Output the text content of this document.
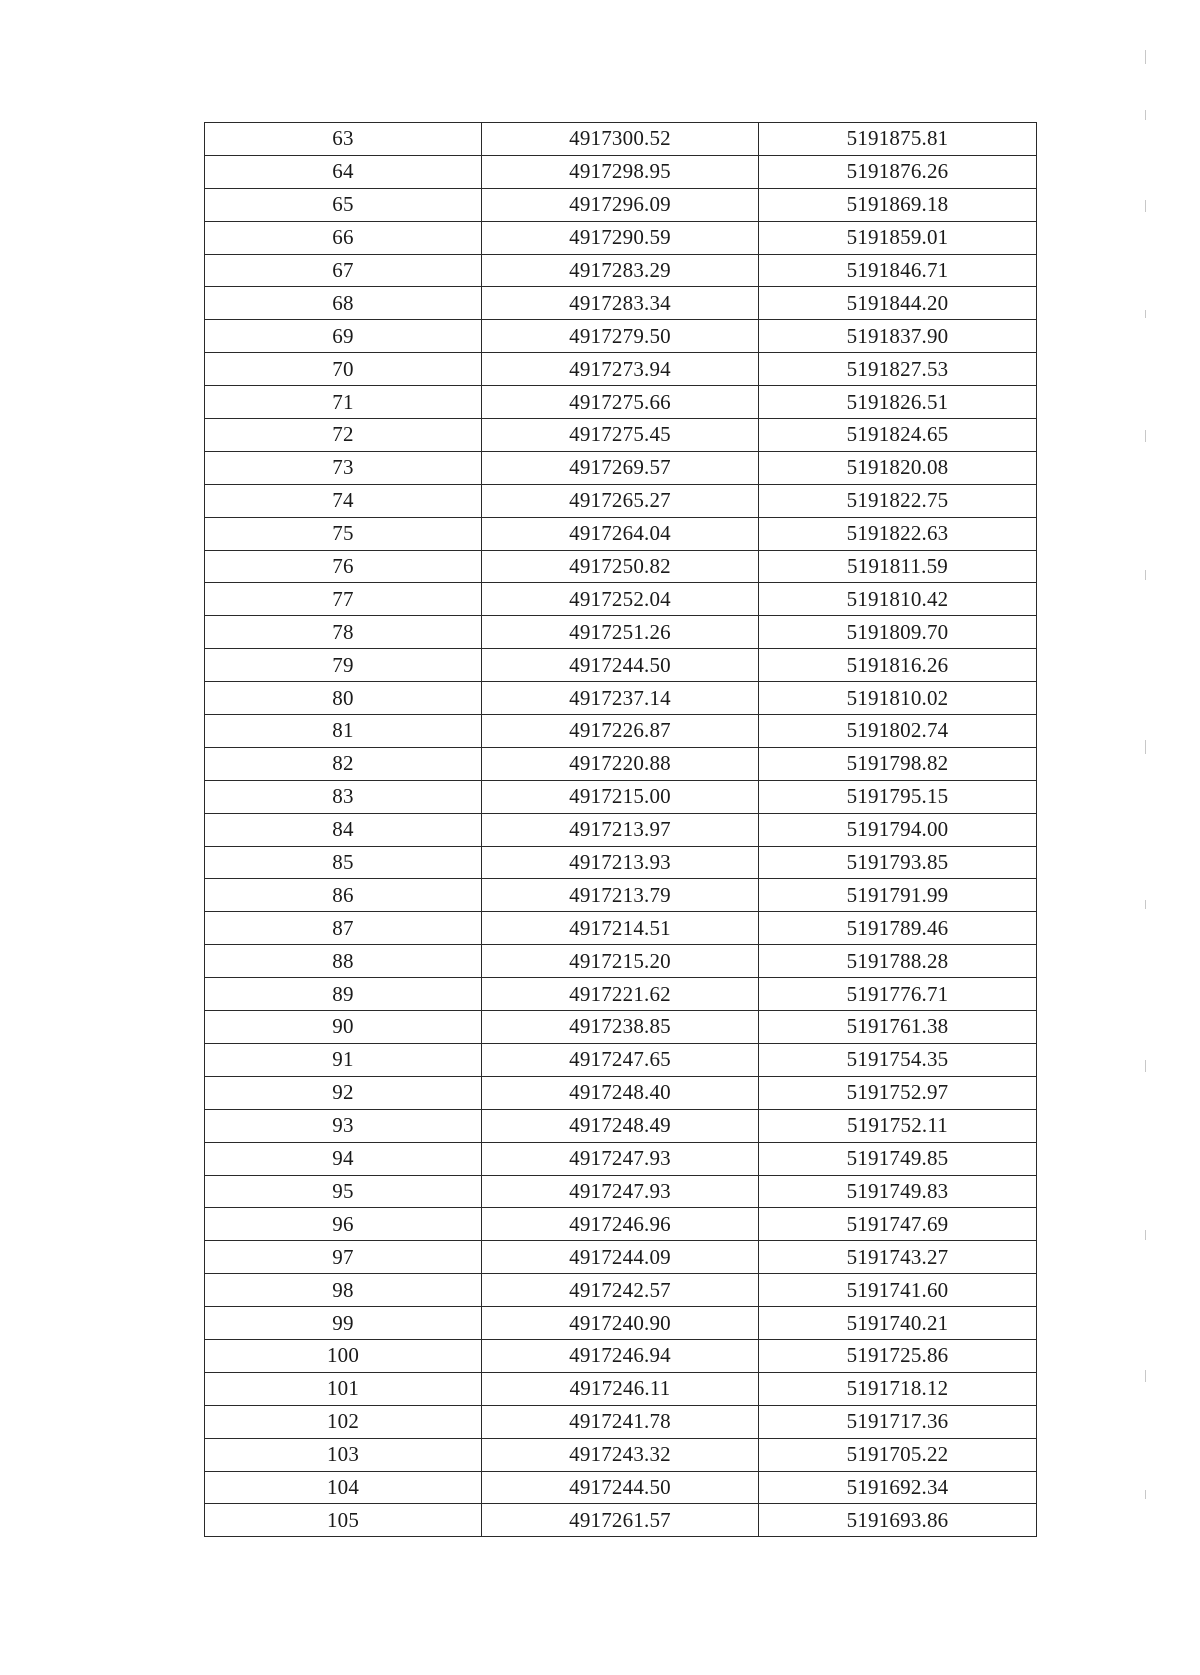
63	4917300.52	5191875.81
64	4917298.95	5191876.26
65	4917296.09	5191869.18
66	4917290.59	5191859.01
67	4917283.29	5191846.71
68	4917283.34	5191844.20
69	4917279.50	5191837.90
70	4917273.94	5191827.53
71	4917275.66	5191826.51
72	4917275.45	5191824.65
73	4917269.57	5191820.08
74	4917265.27	5191822.75
75	4917264.04	5191822.63
76	4917250.82	5191811.59
77	4917252.04	5191810.42
78	4917251.26	5191809.70
79	4917244.50	5191816.26
80	4917237.14	5191810.02
81	4917226.87	5191802.74
82	4917220.88	5191798.82
83	4917215.00	5191795.15
84	4917213.97	5191794.00
85	4917213.93	5191793.85
86	4917213.79	5191791.99
87	4917214.51	5191789.46
88	4917215.20	5191788.28
89	4917221.62	5191776.71
90	4917238.85	5191761.38
91	4917247.65	5191754.35
92	4917248.40	5191752.97
93	4917248.49	5191752.11
94	4917247.93	5191749.85
95	4917247.93	5191749.83
96	4917246.96	5191747.69
97	4917244.09	5191743.27
98	4917242.57	5191741.60
99	4917240.90	5191740.21
100	4917246.94	5191725.86
101	4917246.11	5191718.12
102	4917241.78	5191717.36
103	4917243.32	5191705.22
104	4917244.50	5191692.34
105	4917261.57	5191693.86
